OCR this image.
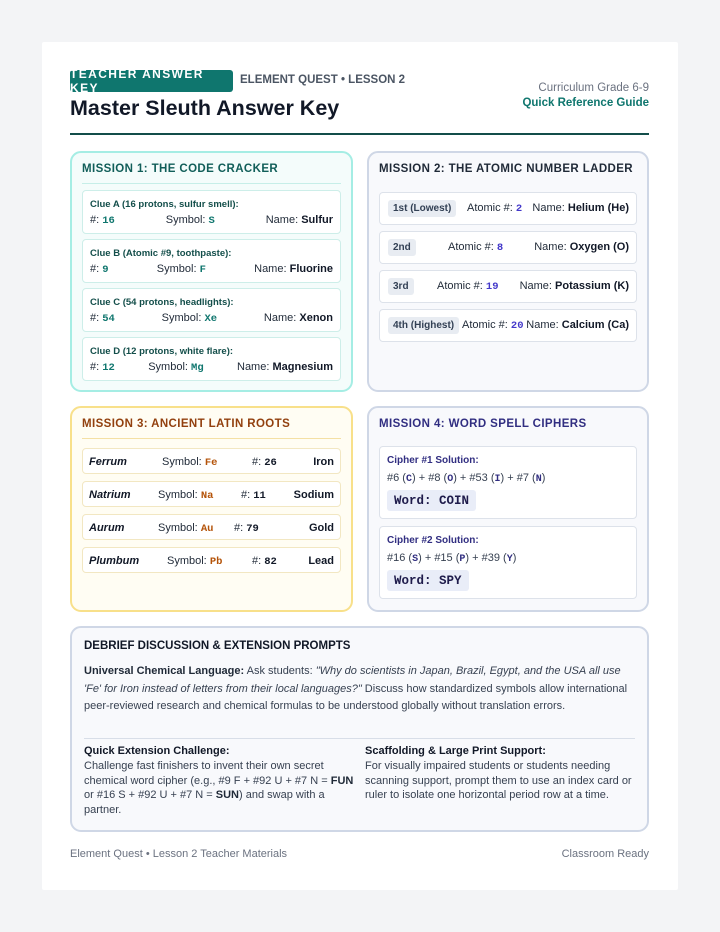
TEACHER ANSWER KEY
ELEMENT QUEST • LESSON 2
Master Sleuth Answer Key
Curriculum Grade 6-9
Quick Reference Guide
MISSION 1: THE CODE CRACKER
Clue A (16 protons, sulfur smell):
#: 16	Symbol: S	Name: Sulfur
Clue B (Atomic #9, toothpaste):
#: 9	Symbol: F	Name: Fluorine
Clue C (54 protons, headlights):
#: 54	Symbol: Xe	Name: Xenon
Clue D (12 protons, white flare):
#: 12	Symbol: Mg	Name: Magnesium
MISSION 2: THE ATOMIC NUMBER LADDER
1st (Lowest)	Atomic #: 2 Name: Helium (He)
2nd	Atomic #: 8	Name: Oxygen (O)
3rd	Atomic #: 19 Name: Potassium (K)
4th (Highest) Atomic #: 20 Name: Calcium (Ca)
MISSION 3: ANCIENT LATIN ROOTS
Ferrum	Symbol: Fe	#: 26	Iron
Natrium Symbol: Na	#: 11	Sodium
Aurum	Symbol: Au #: 79	Gold
Plumbum	Symbol: Pb	#: 82	Lead
MISSION 4: WORD SPELL CIPHERS
Cipher #1 Solution:
#6 (C) + #8 (O) + #53 (I) + #7 (N)
Word: COIN
Cipher #2 Solution:
#16 (S) + #15 (P) + #39 (Y)
Word: SPY
DEBRIEF DISCUSSION & EXTENSION PROMPTS
Universal Chemical Language: Ask students: "Why do scientists in Japan, Brazil, Egypt, and the USA all use 'Fe' for Iron instead of letters from their local languages?" Discuss how standardized symbols allow international peer-reviewed research and chemical formulas to be understood globally without translation errors.
Quick Extension Challenge:

Challenge fast finishers to invent their own secret chemical word cipher (e.g., #9 F + #92 U + #7 N = FUN or #16 S + #92 U + #7 N = SUN) and swap with a partner.

Scaffolding & Large Print Support:

For visually impaired students or students needing scanning support, prompt them to use an index card or ruler to isolate one horizontal period row at a time.

Element Quest • Lesson 2 Teacher Materials	Classroom Ready
